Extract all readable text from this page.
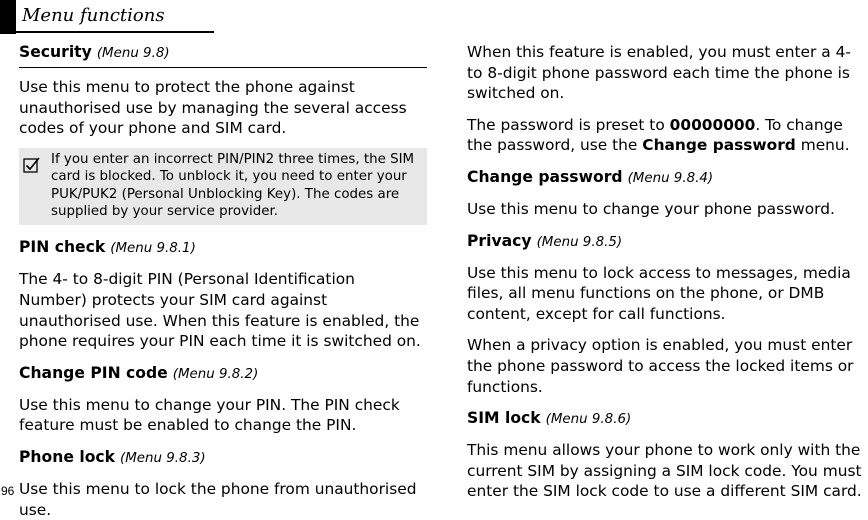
Menu functions
Security (Menu 9.8)

Use this menu to protect the phone against unauthorised use by managing the several access codes of your phone and SIM card.

If you enter an incorrect PIN/PIN2 three times, the SIM card is blocked. To unblock it, you need to enter your PUK/PUK2 (Personal Unblocking Key). The codes are supplied by your service provider.
PIN check (Menu 9.8.1)

The 4- to 8-digit PIN (Personal Identification Number) protects your SIM card against unauthorised use. When this feature is enabled, the phone requires your PIN each time it is switched on.

Change PIN code (Menu 9.8.2)

Use this menu to change your PIN. The PIN check feature must be enabled to change the PIN.

Phone lock (Menu 9.8.3)

Use this menu to lock the phone from unauthorised use.

When this feature is enabled, you must enter a 4- to 8-digit phone password each time the phone is switched on.

The password is preset to 00000000. To change the password, use the Change password menu.

Change password (Menu 9.8.4)

Use this menu to change your phone password.

Privacy (Menu 9.8.5)

Use this menu to lock access to messages, media files, all menu functions on the phone, or DMB content, except for call functions.

When a privacy option is enabled, you must enter the phone password to access the locked items or functions.

SIM lock (Menu 9.8.6)

This menu allows your phone to work only with the current SIM by assigning a SIM lock code. You must enter the SIM lock code to use a different SIM card.

96
